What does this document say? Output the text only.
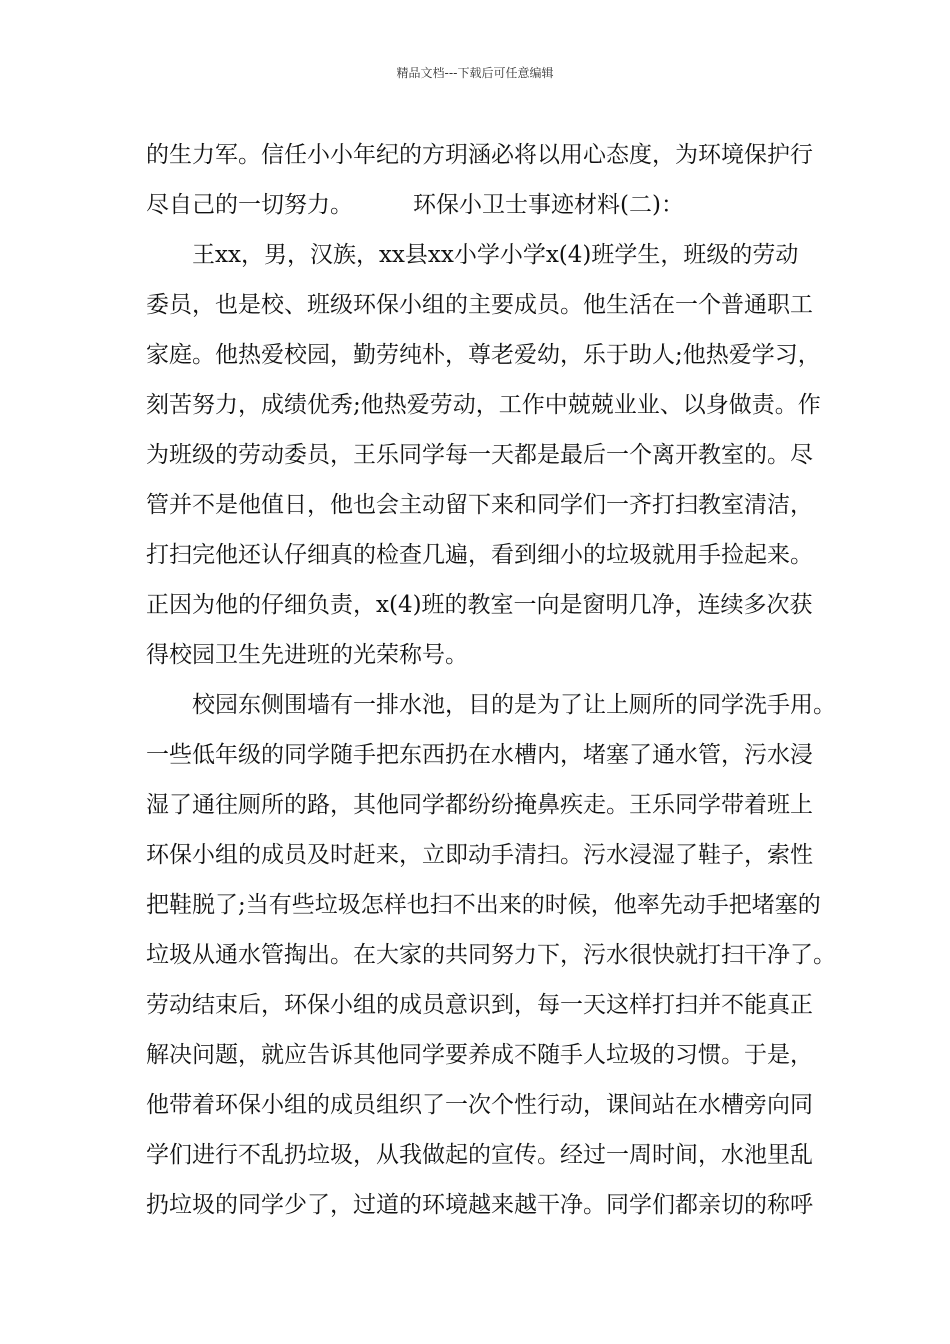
精品文档---下载后可任意编辑
的生力军。信任小小年纪的方玥涵必将以用心态度，为环境保护行
尽自己的一切努力。	环保小卫士事迹材料(二)：
王xx，男，汉族，xx县xx小学小学x(4)班学生，班级的劳动
委员，也是校、班级环保小组的主要成员。他生活在一个普通职工
家庭。他热爱校园，勤劳纯朴，尊老爱幼，乐于助人;他热爱学习，
刻苦努力，成绩优秀;他热爱劳动，工作中兢兢业业、以身做责。作
为班级的劳动委员，王乐同学每一天都是最后一个离开教室的。尽
管并不是他值日，他也会主动留下来和同学们一齐打扫教室清洁，
打扫完他还认仔细真的检查几遍，看到细小的垃圾就用手捡起来。
正因为他的仔细负责，x(4)班的教室一向是窗明几净，连续多次获
得校园卫生先进班的光荣称号。
校园东侧围墙有一排水池，目的是为了让上厕所的同学洗手用。
一些低年级的同学随手把东西扔在水槽内，堵塞了通水管，污水浸
湿了通往厕所的路，其他同学都纷纷掩鼻疾走。王乐同学带着班上
环保小组的成员及时赶来，立即动手清扫。污水浸湿了鞋子，索性
把鞋脱了;当有些垃圾怎样也扫不出来的时候，他率先动手把堵塞的
垃圾从通水管掏出。在大家的共同努力下，污水很快就打扫干净了。
劳动结束后，环保小组的成员意识到，每一天这样打扫并不能真正
解决问题，就应告诉其他同学要养成不随手人垃圾的习惯。于是，
他带着环保小组的成员组织了一次个性行动，课间站在水槽旁向同
学们进行不乱扔垃圾，从我做起的宣传。经过一周时间，水池里乱
扔垃圾的同学少了，过道的环境越来越干净。同学们都亲切的称呼
